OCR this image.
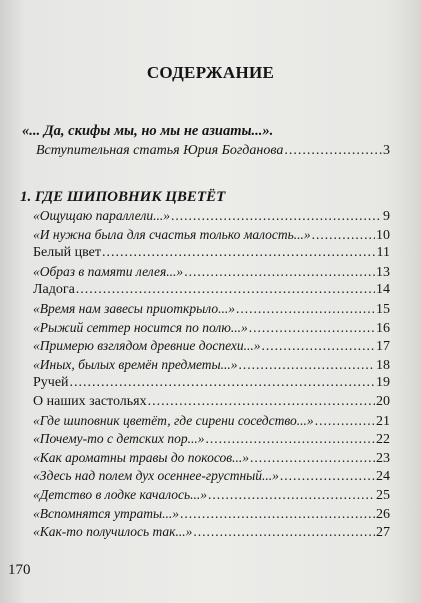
СОДЕРЖАНИЕ
«... Да, скифы мы, но мы не азиаты...».
Вступительная статья Юрия Богданова .....	3
1. ГДЕ ШИПОВНИК ЦВЕТЁТ
«Ощущаю параллели...» .....	9
«И нужна была для счастья только малость...» .....	10
Белый цвет .....	11
«Образ в памяти лелея...» .....	13
Ладога .....	14
«Время нам завесы приоткрыло...» .....	15
«Рыжий сеттер носится по полю...» .....	16
«Примерю взглядом древние доспехи...» .....	17
«Иных, былых времён предметы...» .....	18
Ручей .....	19
О наших застольях .....	20
«Где шиповник цветёт, где сирени соседство...» .....	21
«Почему-то с детских пор...» .....	22
«Как ароматны травы до покосов...» .....	23
«Здесь над полем дух осеннее-грустный...» .....	24
«Детство в лодке качалось...» .....	25
«Вспомнятся утраты...» .....	26
«Как-то получилось так...» .....	27
170
